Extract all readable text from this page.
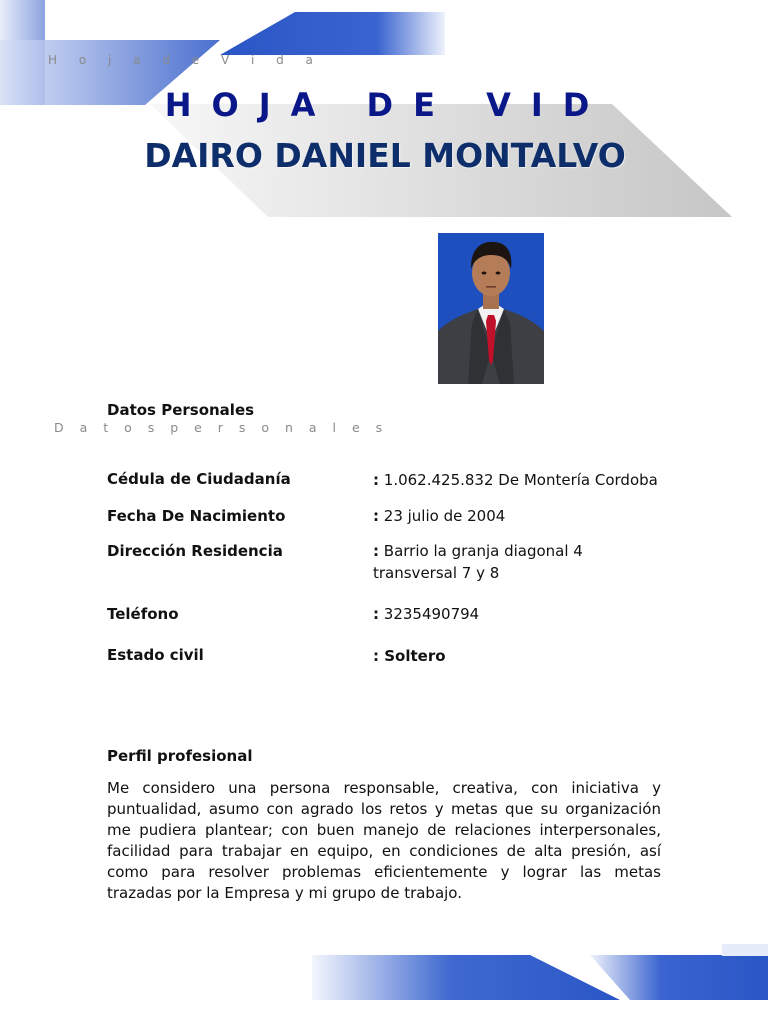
H o j a d e V i d a
HOJA DE VID
DAIRO DANIEL MONTALVO
Datos Personales
D a t o s p e r s o n a l e s
Cédula de Ciudadanía	: 1.062.425.832 De Montería Cordoba
Fecha De Nacimiento	: 23 julio de 2004
Dirección Residencia	: Barrio la granja diagonal 4 transversal 7 y 8
Teléfono	: 3235490794
Estado civil	: Soltero
Perfil profesional
Me considero una persona responsable, creativa, con iniciativa y puntualidad, asumo con agrado los retos y metas que su organización me pudiera plantear; con buen manejo de relaciones interpersonales, facilidad para trabajar en equipo, en condiciones de alta presión, así como para resolver problemas eficientemente y lograr las metas trazadas por la Empresa y mi grupo de trabajo.
